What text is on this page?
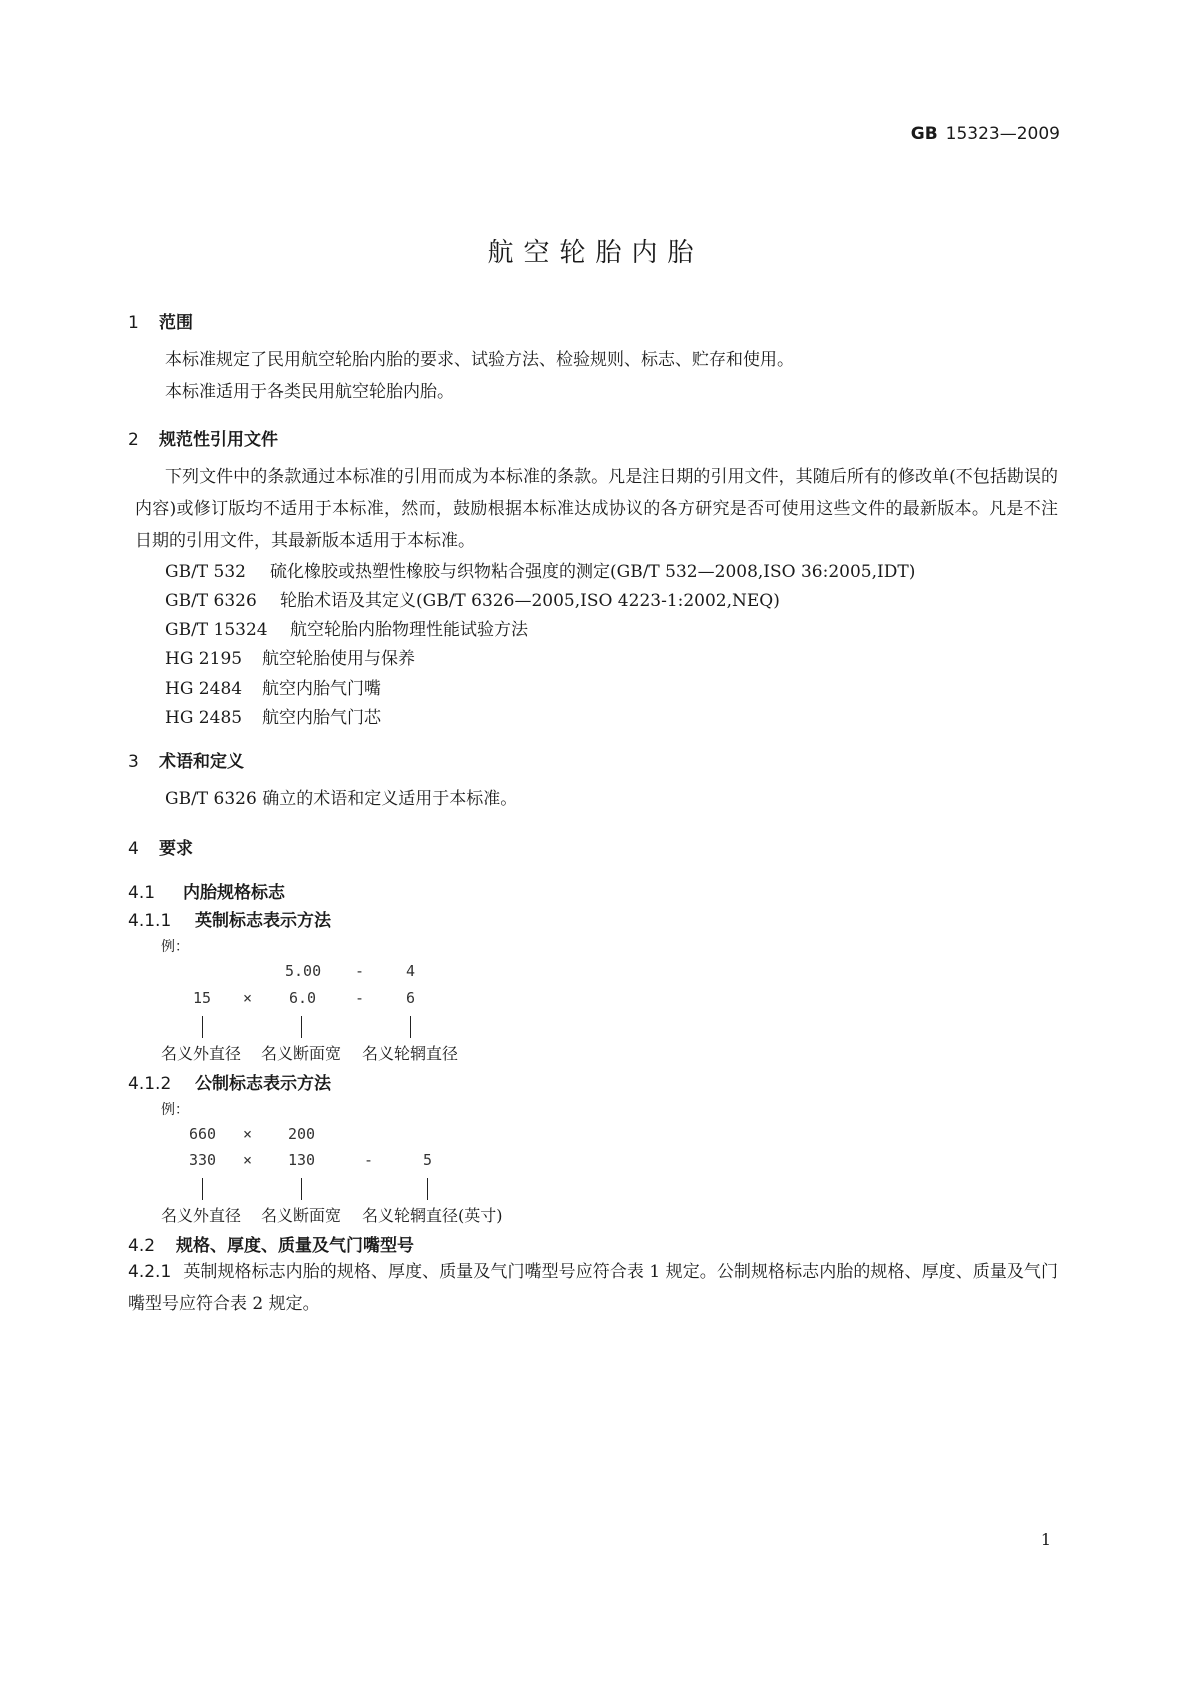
GB 15323—2009
航空轮胎内胎
1 范围
本标准规定了民用航空轮胎内胎的要求、试验方法、检验规则、标志、贮存和使用。
本标准适用于各类民用航空轮胎内胎。
2 规范性引用文件
下列文件中的条款通过本标准的引用而成为本标准的条款。凡是注日期的引用文件，其随后所有的修改单(不包括勘误的内容)或修订版均不适用于本标准，然而，鼓励根据本标准达成协议的各方研究是否可使用这些文件的最新版本。凡是不注日期的引用文件，其最新版本适用于本标准。
GB/T 532 硫化橡胶或热塑性橡胶与织物粘合强度的测定(GB/T 532—2008,ISO 36:2005,IDT)
GB/T 6326 轮胎术语及其定义(GB/T 6326—2005,ISO 4223-1:2002,NEQ)
GB/T 15324 航空轮胎内胎物理性能试验方法
HG 2195 航空轮胎使用与保养
HG 2484 航空内胎气门嘴
HG 2485 航空内胎气门芯
3 术语和定义
GB/T 6326 确立的术语和定义适用于本标准。
4 要求
4.1 内胎规格标志
4.1.1 英制标志表示方法
例：
5.00 -	4
15 × 6.0	-	6
名义外直径 名义断面宽 名义轮辋直径
4.1.2 公制标志表示方法
例：
660 × 200
330 × 130	-	5
名义外直径 名义断面宽 名义轮辋直径(英寸)
4.2 规格、厚度、质量及气门嘴型号
4.2.1 英制规格标志内胎的规格、厚度、质量及气门嘴型号应符合表 1 规定。公制规格标志内胎的规格、厚度、质量及气门嘴型号应符合表 2 规定。
1
